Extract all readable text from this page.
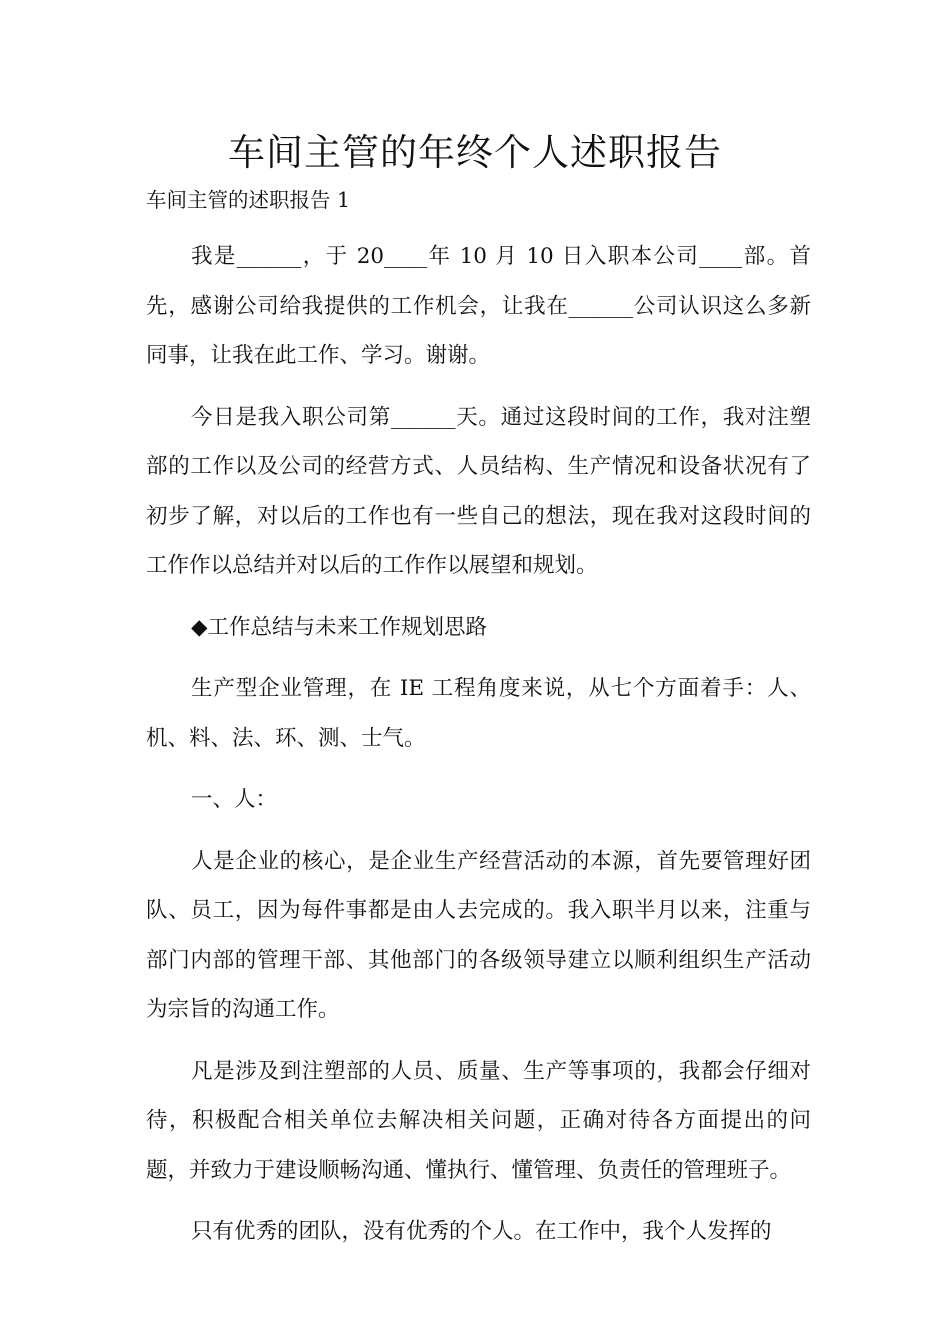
车间主管的年终个人述职报告

车间主管的述职报告 1

我是______，于 20____年 10 月 10 日入职本公司____部。首先，感谢公司给我提供的工作机会，让我在______公司认识这么多新同事，让我在此工作、学习。谢谢。

今日是我入职公司第______天。通过这段时间的工作，我对注塑部的工作以及公司的经营方式、人员结构、生产情况和设备状况有了初步了解，对以后的工作也有一些自己的想法，现在我对这段时间的工作作以总结并对以后的工作作以展望和规划。

◆工作总结与未来工作规划思路

生产型企业管理，在 IE 工程角度来说，从七个方面着手：人、机、料、法、环、测、士气。

一、人：

人是企业的核心，是企业生产经营活动的本源，首先要管理好团队、员工，因为每件事都是由人去完成的。我入职半月以来，注重与部门内部的管理干部、其他部门的各级领导建立以顺利组织生产活动为宗旨的沟通工作。

凡是涉及到注塑部的人员、质量、生产等事项的，我都会仔细对待，积极配合相关单位去解决相关问题，正确对待各方面提出的问题，并致力于建设顺畅沟通、懂执行、懂管理、负责任的管理班子。

只有优秀的团队，没有优秀的个人。在工作中，我个人发挥的
